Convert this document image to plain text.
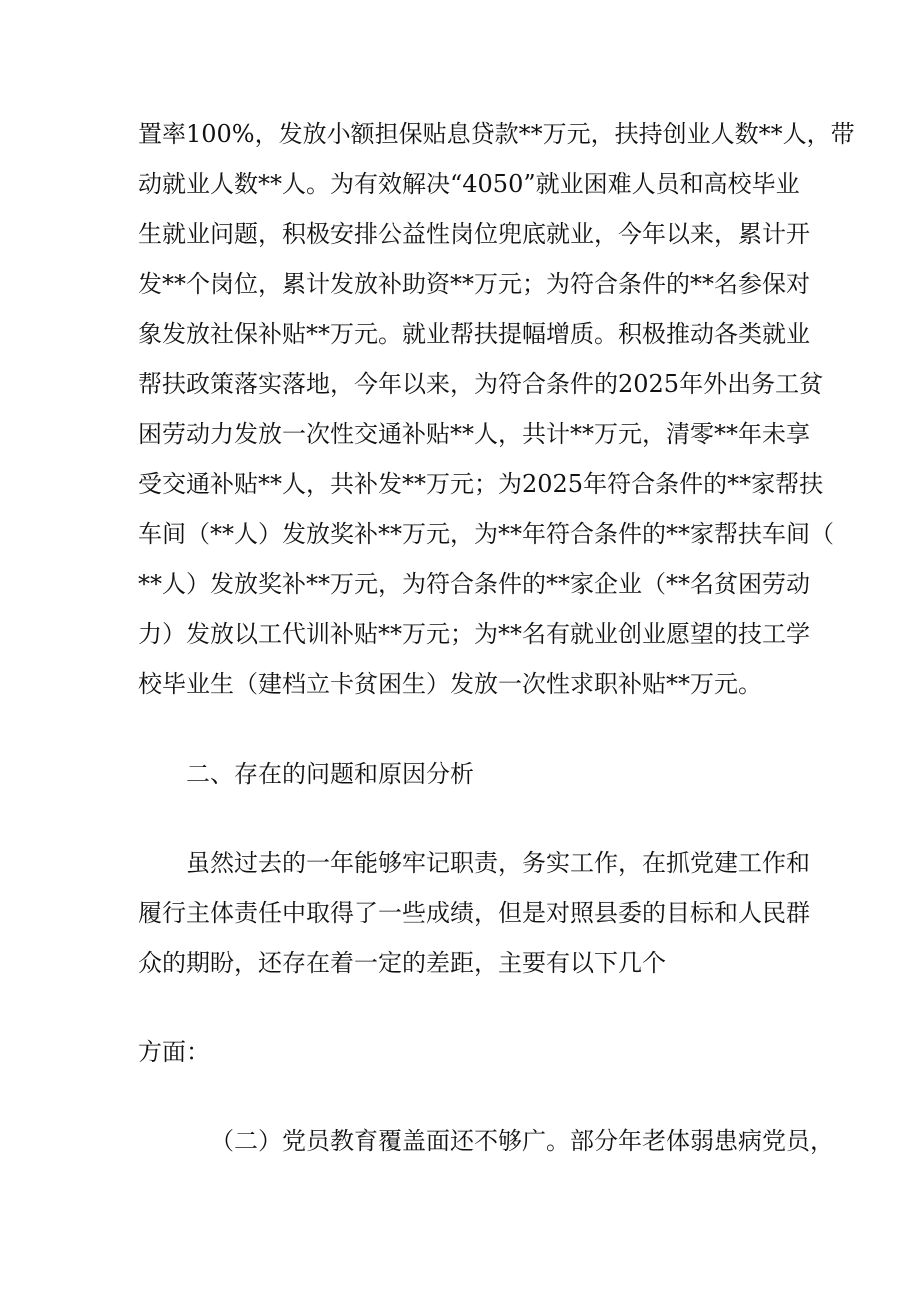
置率100%，发放小额担保贴息贷款**万元，扶持创业人数**人，带
动就业人数**人。为有效解决“4050”就业困难人员和高校毕业
生就业问题，积极安排公益性岗位兜底就业，今年以来，累计开
发**个岗位，累计发放补助资**万元；为符合条件的**名参保对
象发放社保补贴**万元。就业帮扶提幅增质。积极推动各类就业
帮扶政策落实落地，今年以来，为符合条件的2025年外出务工贫
困劳动力发放一次性交通补贴**人，共计**万元，清零**年未享
受交通补贴**人，共补发**万元；为2025年符合条件的**家帮扶
车间（**人）发放奖补**万元，为**年符合条件的**家帮扶车间（
**人）发放奖补**万元，为符合条件的**家企业（**名贫困劳动
力）发放以工代训补贴**万元；为**名有就业创业愿望的技工学
校毕业生（建档立卡贫困生）发放一次性求职补贴**万元。
二、存在的问题和原因分析
虽然过去的一年能够牢记职责，务实工作，在抓党建工作和
履行主体责任中取得了一些成绩，但是对照县委的目标和人民群
众的期盼，还存在着一定的差距，主要有以下几个
方面：
（二）党员教育覆盖面还不够广。部分年老体弱患病党员，
